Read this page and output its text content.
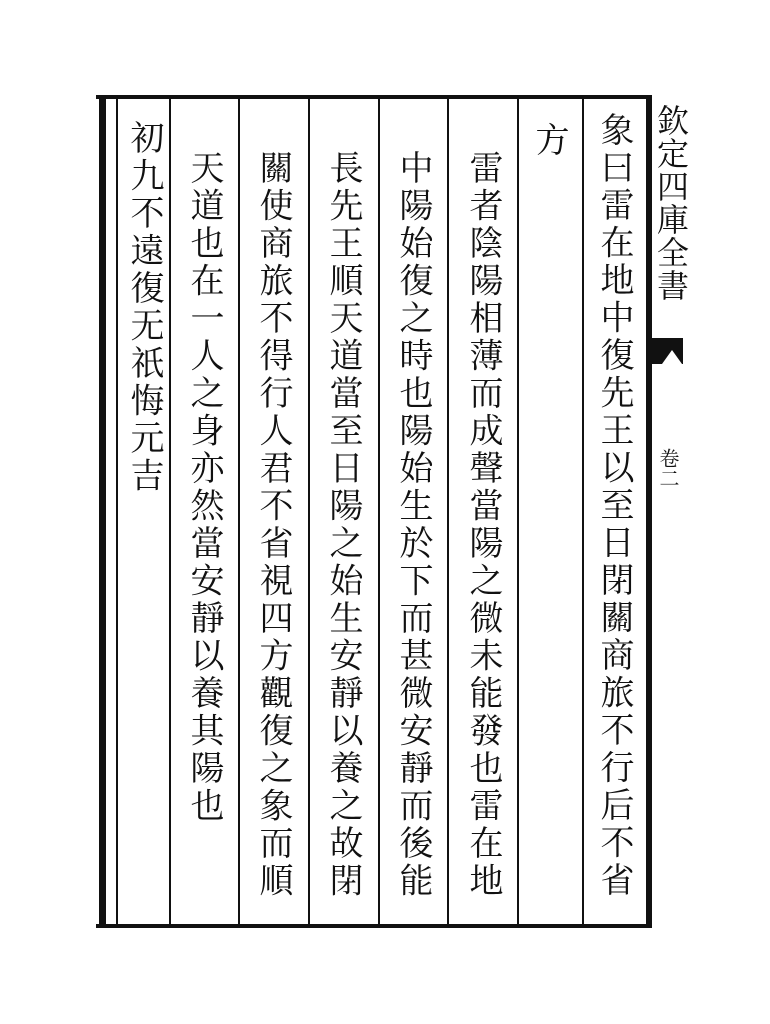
欽定四庫全書
卷二
象曰雷在地中復先王以至日閉關商旅不行后不省
方
雷者陰陽相薄而成聲當陽之微未能發也雷在地
中陽始復之時也陽始生於下而甚微安靜而後能
長先王順天道當至日陽之始生安靜以養之故閉
關使商旅不得行人君不省視四方觀復之象而順
天道也在一人之身亦然當安靜以養其陽也
初九不遠復无祇悔元吉
